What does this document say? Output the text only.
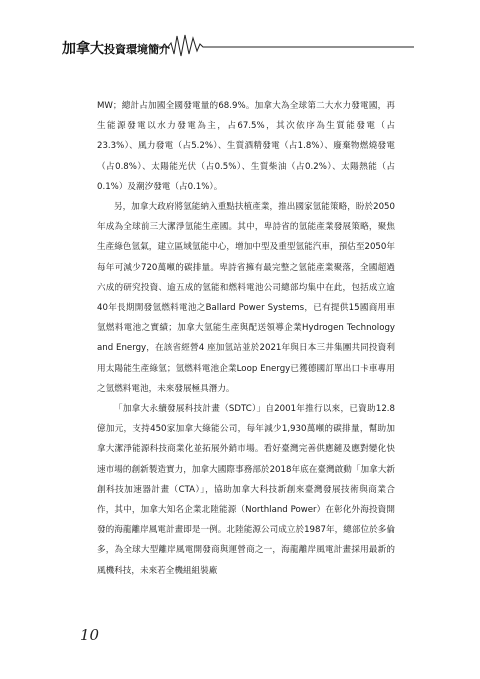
加拿大投資環境簡介

MW；總計占加國全國發電量的68.9%。加拿大為全球第二大水力發電國，再生能源發電以水力發電為主，占67.5%，其次依序為生質能發電（占23.3%）、風力發電（占5.2%）、生質酒精發電（占1.8%）、廢棄物燃燒發電（占0.8%）、太陽能光伏（占0.5%）、生質柴油（占0.2%）、太陽熱能（占0.1%）及潮汐發電（占0.1%）。

另，加拿大政府將氫能納入重點扶植產業，推出國家氫能策略，盼於2050年成為全球前三大潔淨氫能生產國。其中，卑詩省的氫能產業發展策略，聚焦生產綠色氫氣，建立區域氫能中心，增加中型及重型氫能汽車，預估至2050年每年可減少720萬噸的碳排量。卑詩省擁有最完整之氫能產業聚落，全國超過六成的研究投資、逾五成的氫能和燃料電池公司總部均集中在此，包括成立逾40年長期開發氫燃料電池之Ballard Power Systems，已有提供15國商用車氫燃料電池之實績；加拿大氫能生產與配送領導企業Hydrogen Technology and Energy，在該省經營4 座加氫站並於2021年與日本三井集團共同投資利用太陽能生產綠氫；氫燃料電池企業Loop Energy已獲德國訂單出口卡車專用之氫燃料電池，未來發展極具潛力。

「加拿大永續發展科技計畫（SDTC）」自2001年推行以來，已資助12.8億加元，支持450家加拿大綠能公司，每年減少1,930萬噸的碳排量，幫助加拿大潔淨能源科技商業化並拓展外銷市場。看好臺灣完善供應鏈及應對變化快速市場的創新製造實力，加拿大國際事務部於2018年底在臺灣啟動「加拿大新創科技加速器計畫（CTA）」，協助加拿大科技新創來臺灣發展技術與商業合作，其中，加拿大知名企業北陸能源（Northland Power）在彰化外海投資開發的海龍離岸風電計畫即是一例。北陸能源公司成立於1987年，總部位於多倫多，為全球大型離岸風電開發商與運營商之一，海龍離岸風電計畫採用最新的風機科技，未來若全機組組裝廠

10
